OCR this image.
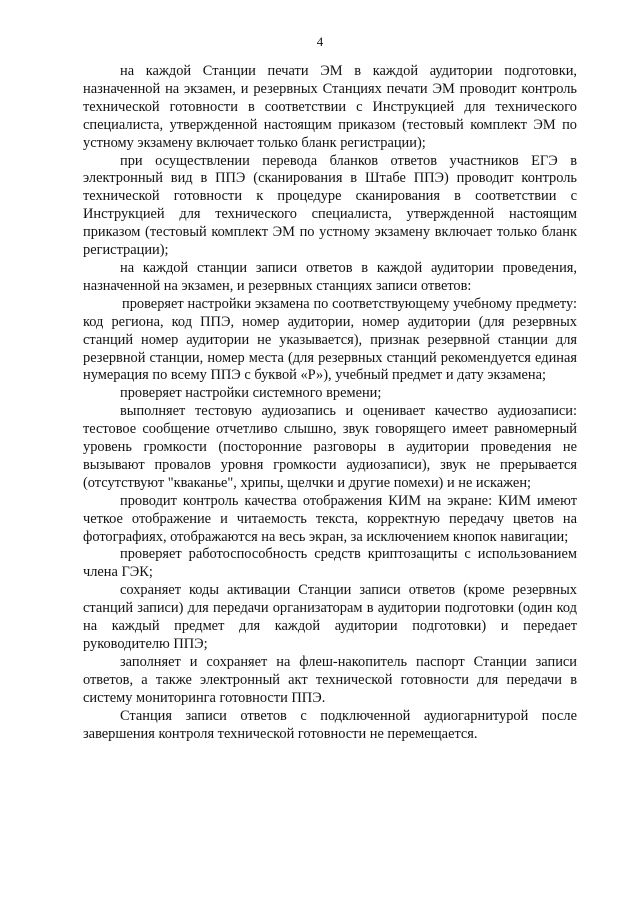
4

на каждой Станции печати ЭМ в каждой аудитории подготовки, назначенной на экзамен, и резервных Станциях печати ЭМ проводит контроль технической готовности в соответствии с Инструкцией для технического специалиста, утвержденной настоящим приказом (тестовый комплект ЭМ по устному экзамену включает только бланк регистрации);

при осуществлении перевода бланков ответов участников ЕГЭ в электронный вид в ППЭ (сканирования в Штабе ППЭ) проводит контроль технической готовности к процедуре сканирования в соответствии с Инструкцией для технического специалиста, утвержденной настоящим приказом (тестовый комплект ЭМ по устному экзамену включает только бланк регистрации);

на каждой станции записи ответов в каждой аудитории проведения, назначенной на экзамен, и резервных станциях записи ответов:

проверяет настройки экзамена по соответствующему учебному предмету: код региона, код ППЭ, номер аудитории, номер аудитории (для резервных станций номер аудитории не указывается), признак резервной станции для резервной станции, номер места (для резервных станций рекомендуется единая нумерация по всему ППЭ с буквой «Р»), учебный предмет и дату экзамена;

проверяет настройки системного времени;

выполняет тестовую аудиозапись и оценивает качество аудиозаписи: тестовое сообщение отчетливо слышно, звук говорящего имеет равномерный уровень громкости (посторонние разговоры в аудитории проведения не вызывают провалов уровня громкости аудиозаписи), звук не прерывается (отсутствуют "кваканье", хрипы, щелчки и другие помехи) и не искажен;

проводит контроль качества отображения КИМ на экране: КИМ имеют четкое отображение и читаемость текста, корректную передачу цветов на фотографиях, отображаются на весь экран, за исключением кнопок навигации;

проверяет работоспособность средств криптозащиты с использованием члена ГЭК;

сохраняет коды активации Станции записи ответов (кроме резервных станций записи) для передачи организаторам в аудитории подготовки (один код на каждый предмет для каждой аудитории подготовки) и передает руководителю ППЭ;

заполняет и сохраняет на флеш-накопитель паспорт Станции записи ответов, а также электронный акт технической готовности для передачи в систему мониторинга готовности ППЭ.

Станция записи ответов с подключенной аудиогарнитурой после завершения контроля технической готовности не перемещается.
